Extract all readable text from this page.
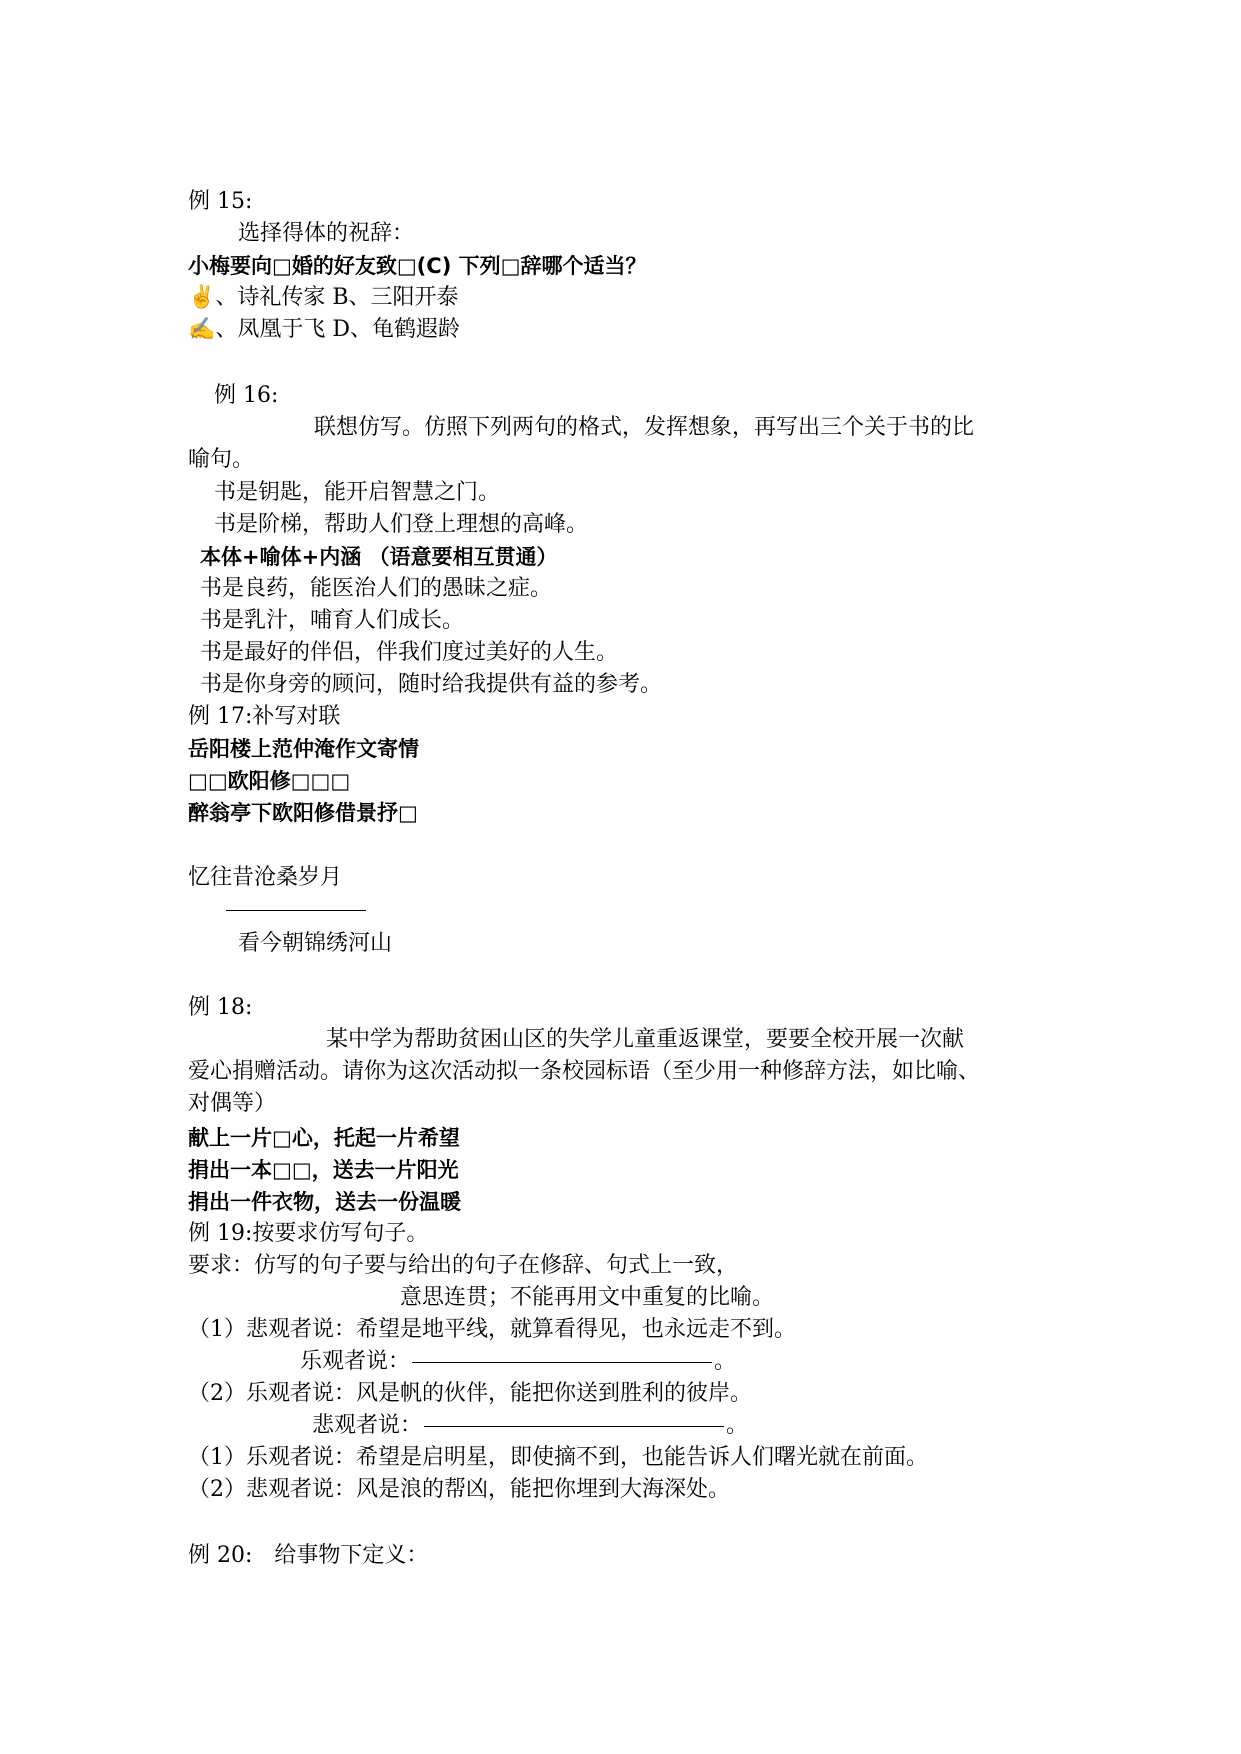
例 15:
选择得体的祝辞：
小梅要向□婚的好友致□(C) 下列□辞哪个适当？
✌、诗礼传家 B、三阳开泰
✍、凤凰于飞 D、龟鹤遐龄
例 16:
联想仿写。仿照下列两句的格式，发挥想象，再写出三个关于书的比
喻句。
书是钥匙，能开启智慧之门。
书是阶梯，帮助人们登上理想的高峰。
本体+喻体+内涵 （语意要相互贯通）
书是良药，能医治人们的愚昧之症。
书是乳汁，哺育人们成长。
书是最好的伴侣，伴我们度过美好的人生。
书是你身旁的顾问，随时给我提供有益的参考。
例 17:补写对联
岳阳楼上范仲淹作文寄情
□□欧阳修□□□
醉翁亭下欧阳修借景抒□
忆往昔沧桑岁月
看今朝锦绣河山
例 18:
某中学为帮助贫困山区的失学儿童重返课堂，要要全校开展一次献
爱心捐赠活动。请你为这次活动拟一条校园标语（至少用一种修辞方法，如比喻、
对偶等）
献上一片□心，托起一片希望
捐出一本□□，送去一片阳光
捐出一件衣物，送去一份温暖
例 19:按要求仿写句子。
要求：仿写的句子要与给出的句子在修辞、句式上一致，
意思连贯；不能再用文中重复的比喻。
（1）悲观者说：希望是地平线，就算看得见，也永远走不到。
乐观者说：	。
（2）乐观者说：风是帆的伙伴，能把你送到胜利的彼岸。
悲观者说：	。
（1）乐观者说：希望是启明星，即使摘不到，也能告诉人们曙光就在前面。
（2）悲观者说：风是浪的帮凶，能把你埋到大海深处。
例 20: 给事物下定义：
